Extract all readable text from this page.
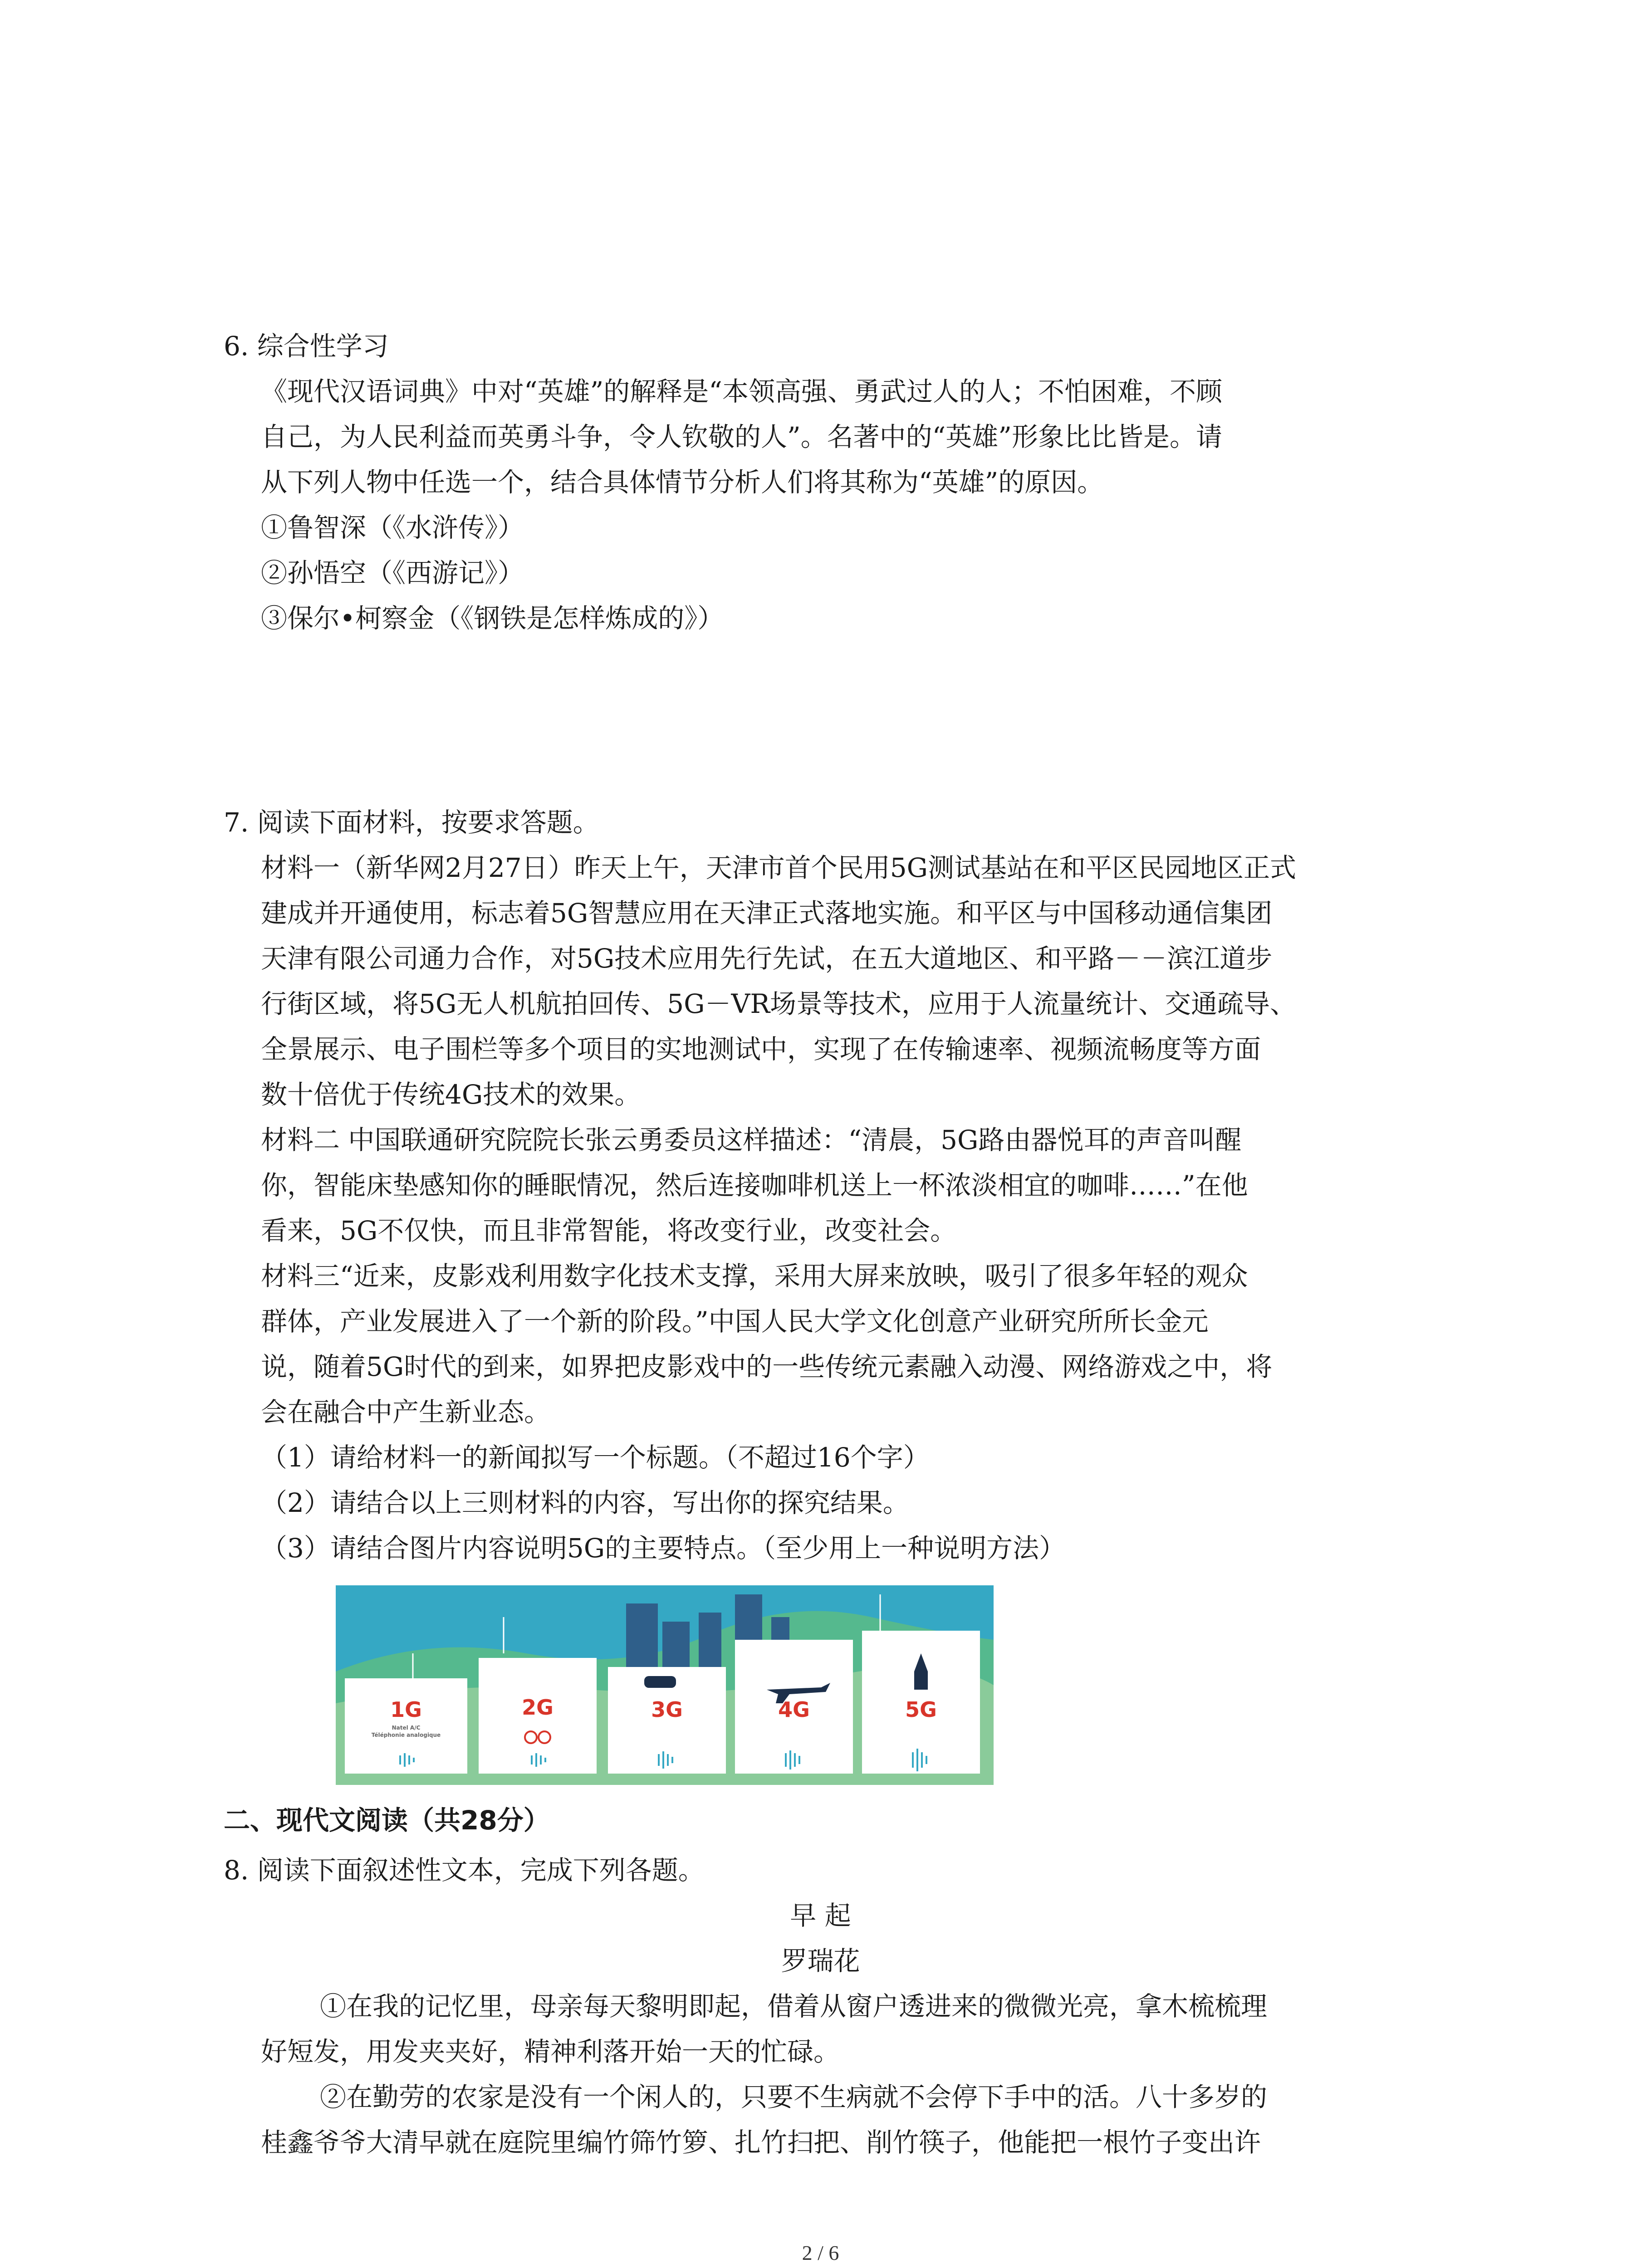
6. 综合性学习
《现代汉语词典》中对“英雄”的解释是“本领高强、勇武过人的人；不怕困难，不顾
自己，为人民利益而英勇斗争，令人钦敬的人”。名著中的“英雄”形象比比皆是。请
从下列人物中任选一个，结合具体情节分析人们将其称为“英雄”的原因。
①鲁智深（《水浒传》）
②孙悟空（《西游记》）
③保尔•柯察金（《钢铁是怎样炼成的》）
7. 阅读下面材料，按要求答题。
材料一（新华网2月27日）昨天上午，天津市首个民用5G测试基站在和平区民园地区正式
建成并开通使用，标志着5G智慧应用在天津正式落地实施。和平区与中国移动通信集团
天津有限公司通力合作，对5G技术应用先行先试，在五大道地区、和平路－－滨江道步
行街区域，将5G无人机航拍回传、5G－VR场景等技术，应用于人流量统计、交通疏导、
全景展示、电子围栏等多个项目的实地测试中，实现了在传输速率、视频流畅度等方面
数十倍优于传统4G技术的效果。
材料二 中国联通研究院院长张云勇委员这样描述：“清晨，5G路由器悦耳的声音叫醒
你，智能床垫感知你的睡眠情况，然后连接咖啡机送上一杯浓淡相宜的咖啡……”在他
看来，5G不仅快，而且非常智能，将改变行业，改变社会。
材料三“近来，皮影戏利用数字化技术支撑，采用大屏来放映，吸引了很多年轻的观众
群体，产业发展进入了一个新的阶段。”中国人民大学文化创意产业研究所所长金元
说，随着5G时代的到来，如界把皮影戏中的一些传统元素融入动漫、网络游戏之中，将
会在融合中产生新业态。
（1）请给材料一的新闻拟写一个标题。（不超过16个字）
（2）请结合以上三则材料的内容，写出你的探究结果。
（3）请结合图片内容说明5G的主要特点。（至少用上一种说明方法）
1G
Natel A/C
Téléphonie analogique
2G	3G	4G	5G
二、现代文阅读（共28分）
8. 阅读下面叙述性文本，完成下列各题。
早 起
罗瑞花
①在我的记忆里，母亲每天黎明即起，借着从窗户透进来的微微光亮，拿木梳梳理
好短发，用发夹夹好，精神利落开始一天的忙碌。
②在勤劳的农家是没有一个闲人的，只要不生病就不会停下手中的活。八十多岁的
桂鑫爷爷大清早就在庭院里编竹筛竹箩、扎竹扫把、削竹筷子，他能把一根竹子变出许
2 / 6
